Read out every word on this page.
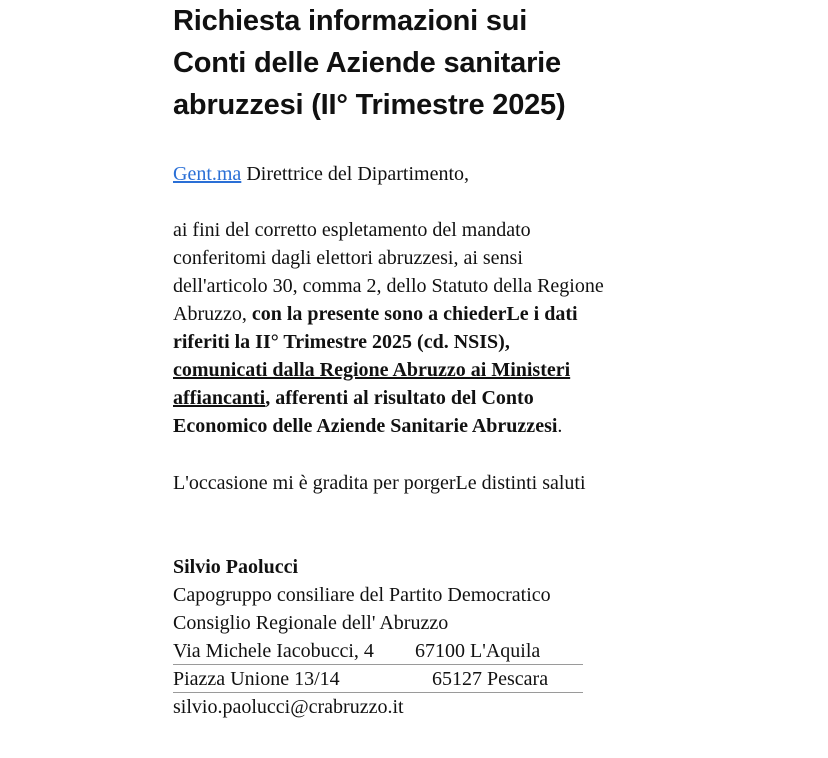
Richiesta informazioni sui
Conti delle Aziende sanitarie
abruzzesi (II° Trimestre 2025)
Gent.ma Direttrice del Dipartimento,
ai fini del corretto espletamento del mandato
conferitomi dagli elettori abruzzesi, ai sensi
dell'articolo 30, comma 2, dello Statuto della Regione
Abruzzo, con la presente sono a chiederLe i dati
riferiti la II° Trimestre 2025 (cd. NSIS),
comunicati dalla Regione Abruzzo ai Ministeri
affiancanti, afferenti al risultato del Conto
Economico delle Aziende Sanitarie Abruzzesi.
L'occasione mi è gradita per porgerLe distinti saluti
Silvio Paolucci
Capogruppo consiliare del Partito Democratico
Consiglio Regionale dell' Abruzzo
Via Michele Iacobucci, 4	67100 L'Aquila
Piazza Unione 13/14	65127 Pescara
silvio.paolucci@crabruzzo.it
